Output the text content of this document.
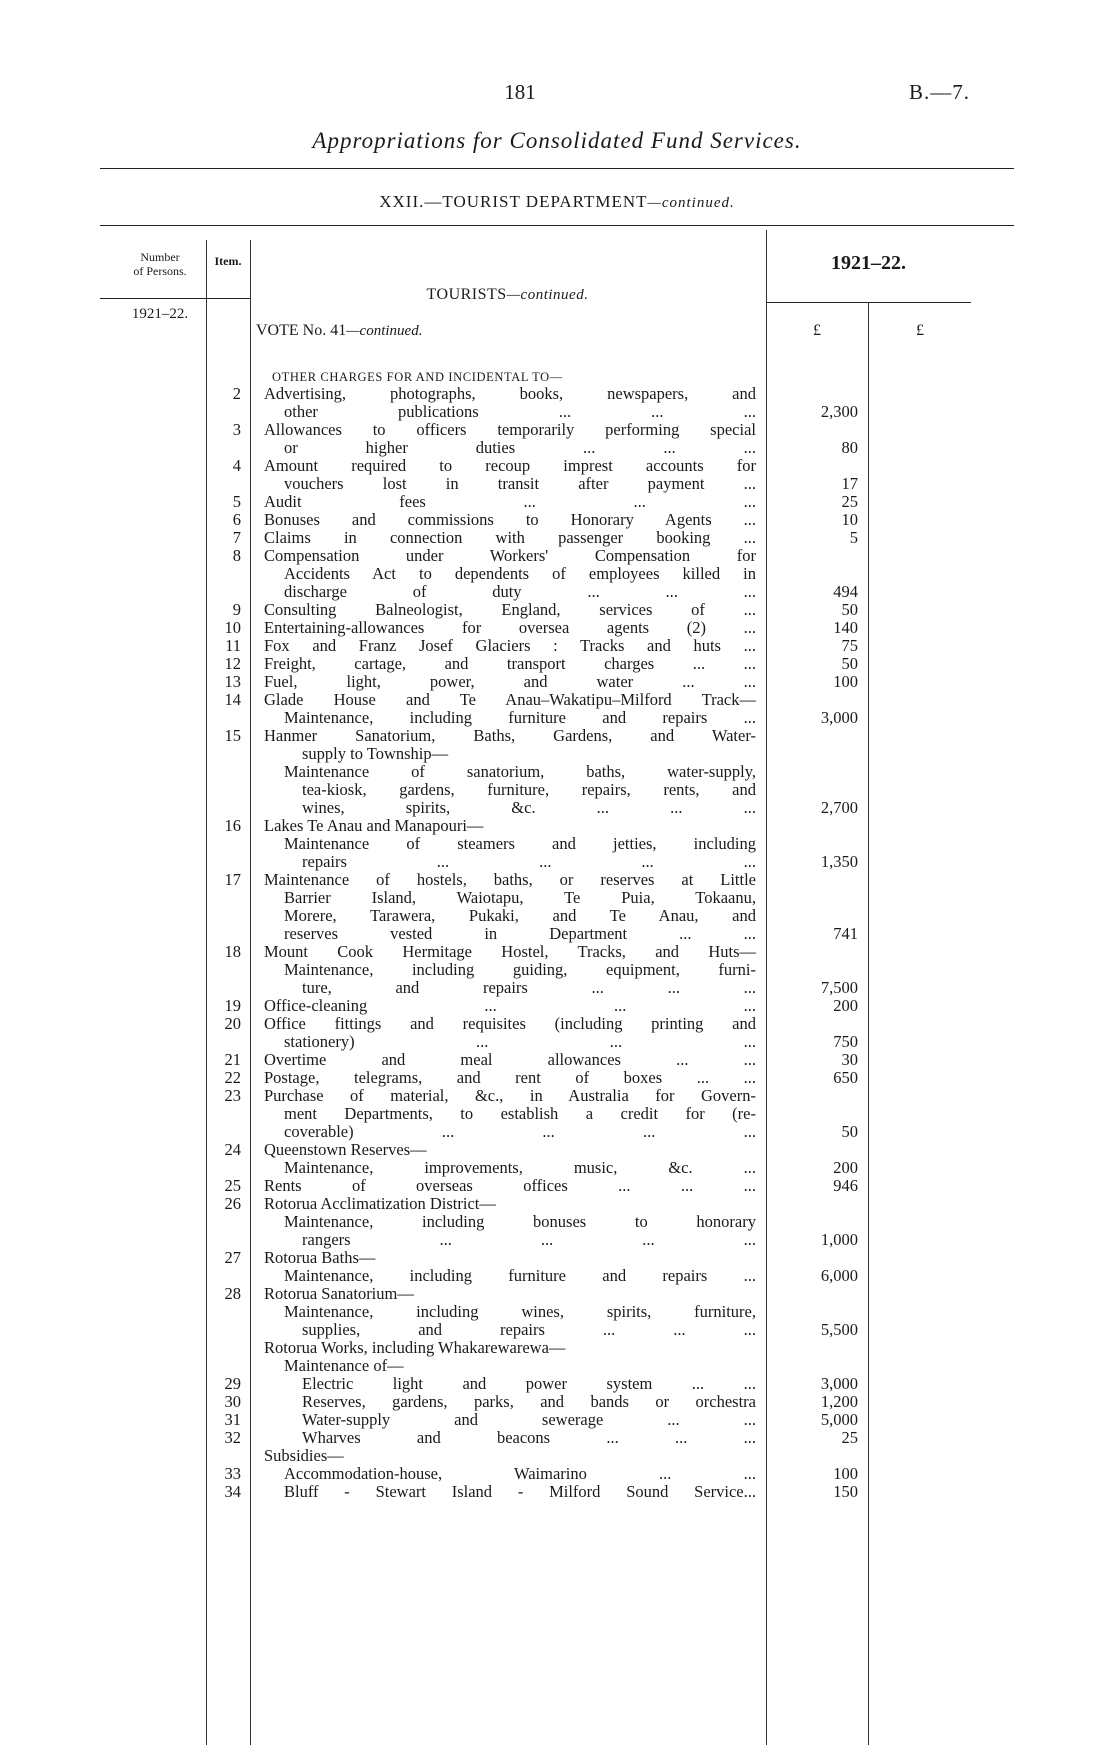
181	B.—7.
Appropriations for Consolidated Fund Services.
XXII.—TOURIST DEPARTMENT—continued.
Number
of Persons.
Item.
TOURISTS—continued.
1921–22.
1921–22.
VOTE No. 41—continued.	£	£
OTHER CHARGES FOR AND INCIDENTAL TO—
2 Advertising, photographs, books, newspapers, and
other publications ... ... ...	2,300
3 Allowances to officers temporarily performing special
or higher duties ... ... ...	80
4 Amount required to recoup imprest accounts for
vouchers lost in transit after payment ...	17
5 Audit fees ... ... ...	25
6 Bonuses and commissions to Honorary Agents ...	10
7 Claims in connection with passenger booking ...	5
8 Compensation under Workers' Compensation for
Accidents Act to dependents of employees killed in
discharge of duty ... ... ...	494
9 Consulting Balneologist, England, services of ...	50
10 Entertaining-allowances for oversea agents (2) ...	140
11 Fox and Franz Josef Glaciers : Tracks and huts ...	75
12 Freight, cartage, and transport charges ... ...	50
13 Fuel, light, power, and water ... ...	100
14 Glade House and Te Anau–Wakatipu–Milford Track—
Maintenance, including furniture and repairs ...	3,000
15 Hanmer Sanatorium, Baths, Gardens, and Water-
supply to Township—
Maintenance of sanatorium, baths, water-supply,
tea-kiosk, gardens, furniture, repairs, rents, and
wines, spirits, &c. ... ... ...	2,700
16 Lakes Te Anau and Manapouri—
Maintenance of steamers and jetties, including
repairs ... ... ... ...	1,350
17 Maintenance of hostels, baths, or reserves at Little
Barrier Island, Waiotapu, Te Puia, Tokaanu,
Morere, Tarawera, Pukaki, and Te Anau, and
reserves vested in Department ... ...	741
18 Mount Cook Hermitage Hostel, Tracks, and Huts—
Maintenance, including guiding, equipment, furni-
ture, and repairs ... ... ...	7,500
19 Office-cleaning ... ... ...	200
20 Office fittings and requisites (including printing and
stationery) ... ... ...	750
21 Overtime and meal allowances ... ...	30
22 Postage, telegrams, and rent of boxes ... ...	650
23 Purchase of material, &c., in Australia for Govern-
ment Departments, to establish a credit for (re-
coverable) ... ... ... ...	50
24 Queenstown Reserves—
Maintenance, improvements, music, &c. ...	200
25 Rents of overseas offices ... ... ...	946
26 Rotorua Acclimatization District—
Maintenance, including bonuses to honorary
rangers ... ... ... ...	1,000
27 Rotorua Baths—
Maintenance, including furniture and repairs ...	6,000
28 Rotorua Sanatorium—
Maintenance, including wines, spirits, furniture,
supplies, and repairs ... ... ...	5,500
Rotorua Works, including Whakarewarewa—
Maintenance of—
29	Electric light and power system ... ...	3,000
30	Reserves, gardens, parks, and bands or orchestra	1,200
31	Water-supply and sewerage ... ...	5,000
32	Wharves and beacons ... ... ...	25
Subsidies—
33	Accommodation-house, Waimarino ... ...	100
34	Bluff - Stewart Island - Milford Sound Service...	150
